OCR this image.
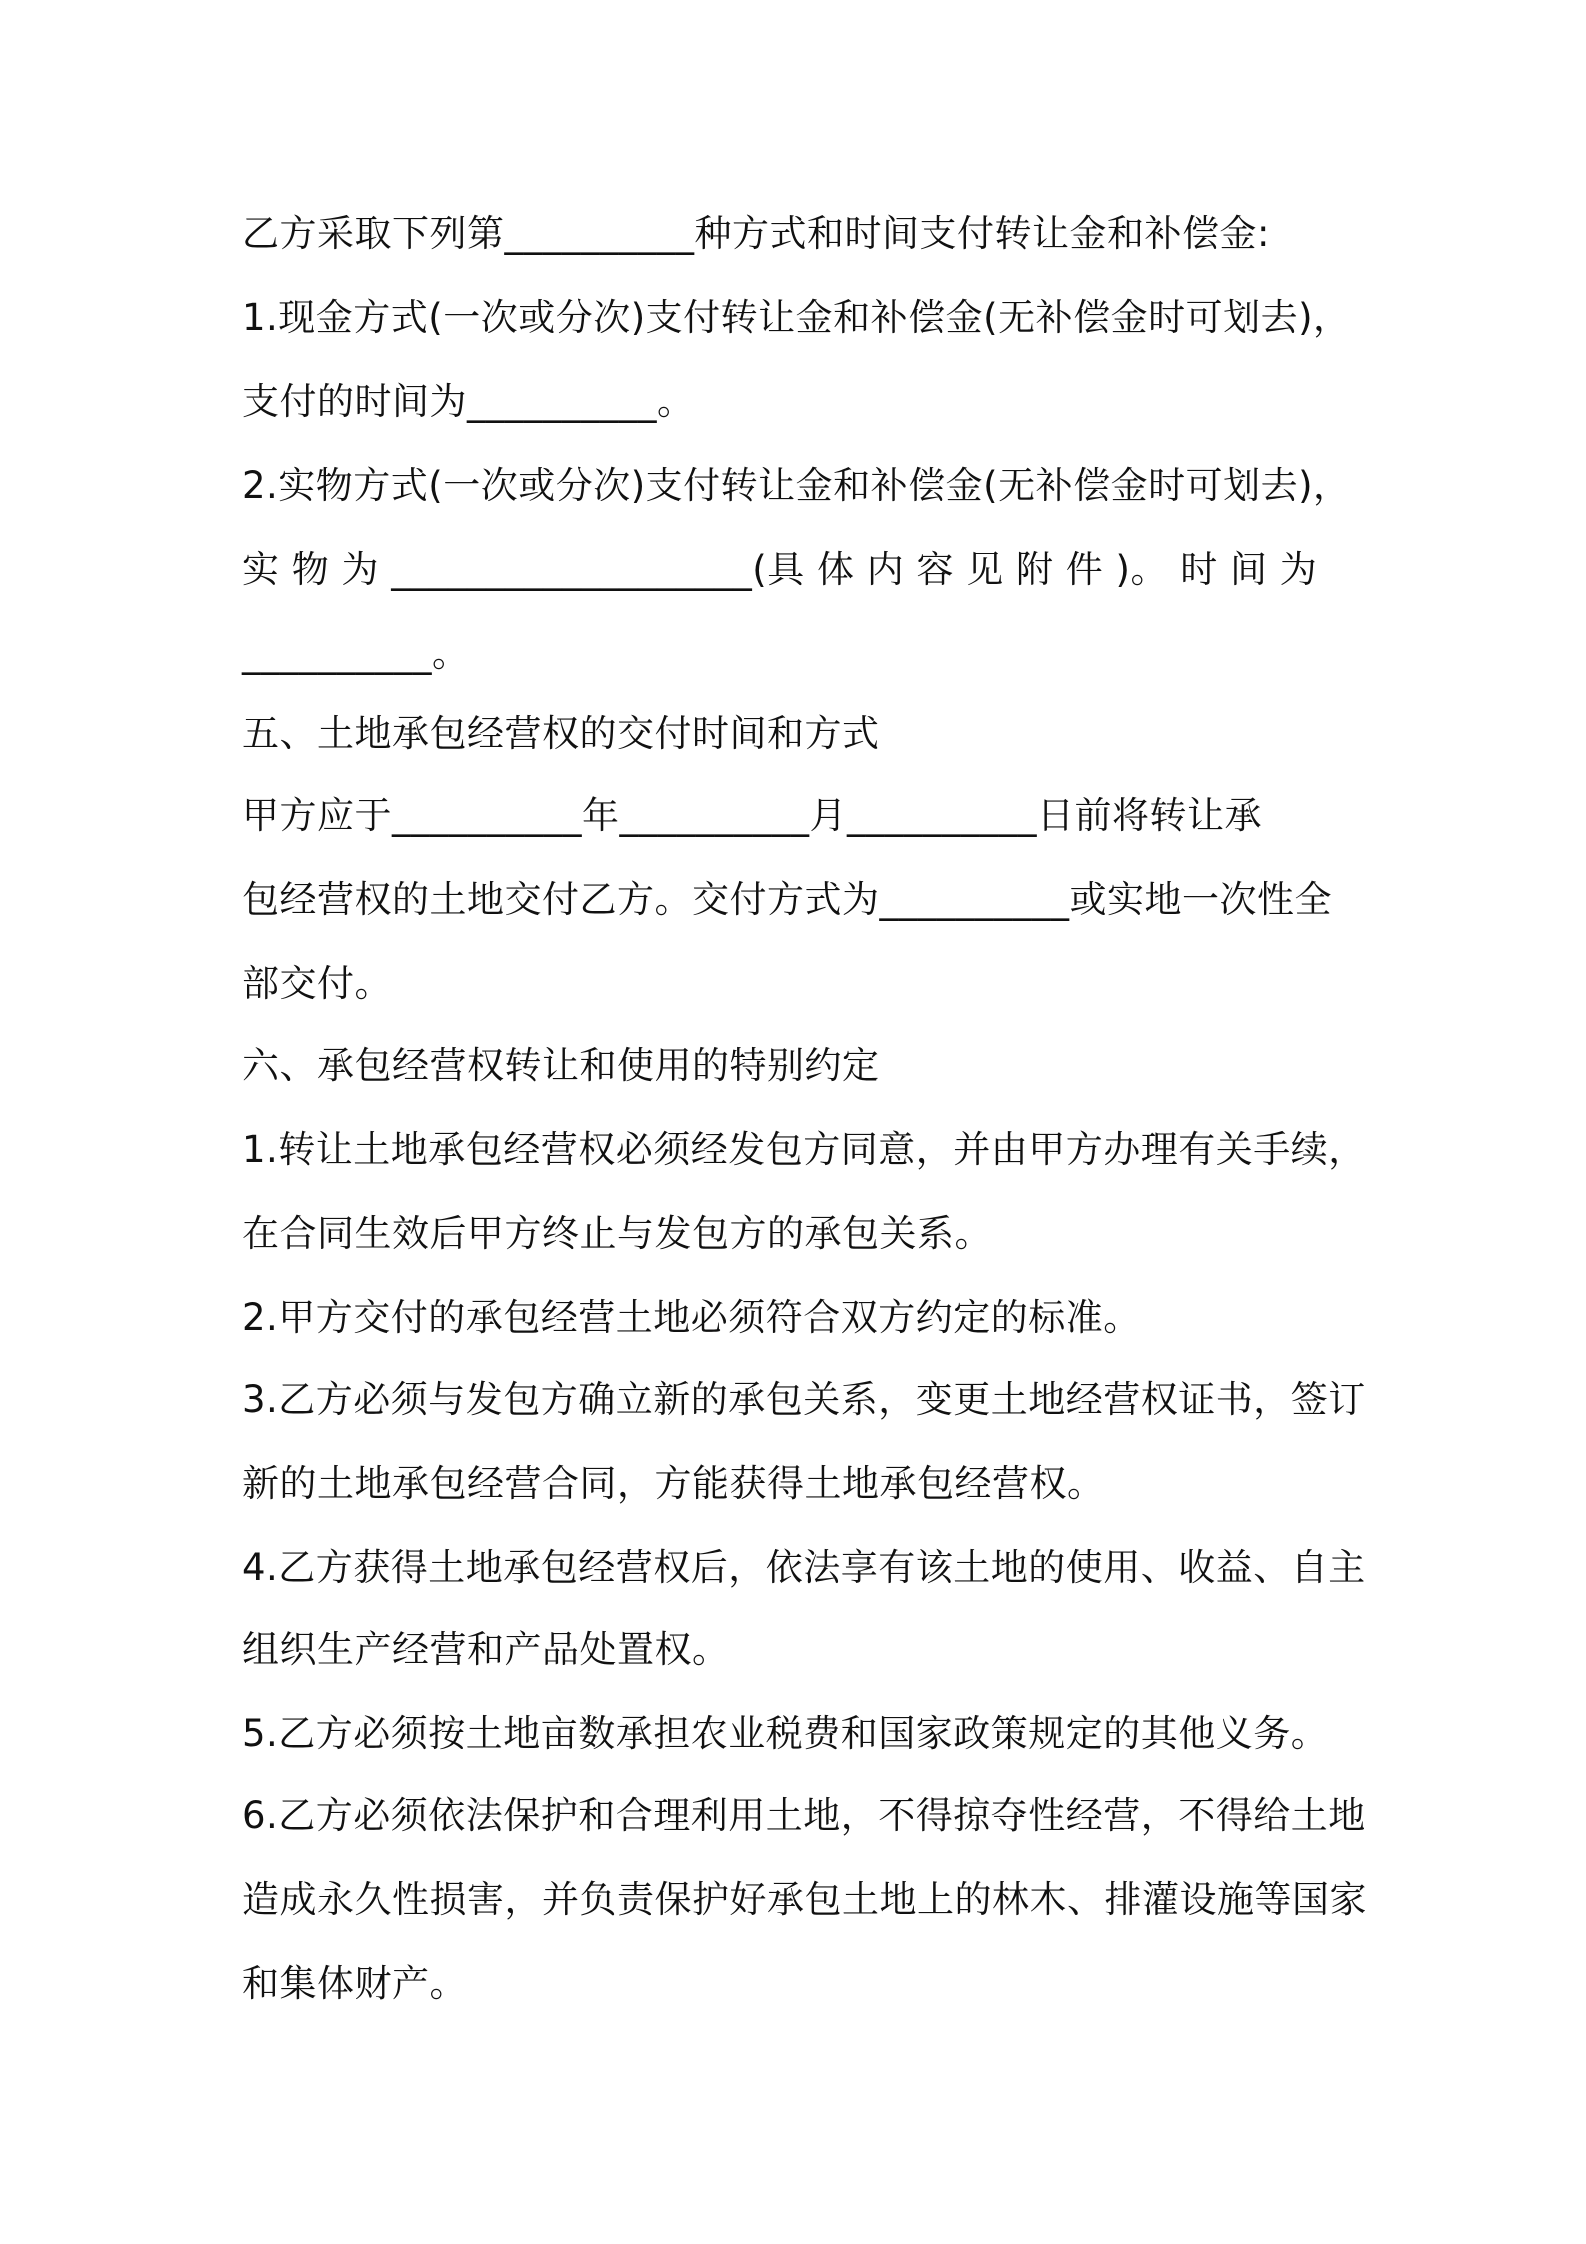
乙方采取下列第__________种方式和时间支付转让金和补偿金:
1.现金方式(一次或分次)支付转让金和补偿金(无补偿金时可划去)，
支付的时间为__________。
2.实物方式(一次或分次)支付转让金和补偿金(无补偿金时可划去)，
实 物 为 ___________________(具 体 内 容 见 附 件 )。 时 间 为
__________。
五、土地承包经营权的交付时间和方式
甲方应于__________年__________月__________日前将转让承
包经营权的土地交付乙方。交付方式为__________或实地一次性全
部交付。
六、承包经营权转让和使用的特别约定
1.转让土地承包经营权必须经发包方同意，并由甲方办理有关手续，
在合同生效后甲方终止与发包方的承包关系。
2.甲方交付的承包经营土地必须符合双方约定的标准。
3.乙方必须与发包方确立新的承包关系，变更土地经营权证书，签订
新的土地承包经营合同，方能获得土地承包经营权。
4.乙方获得土地承包经营权后，依法享有该土地的使用、收益、自主
组织生产经营和产品处置权。
5.乙方必须按土地亩数承担农业税费和国家政策规定的其他义务。
6.乙方必须依法保护和合理利用土地，不得掠夺性经营，不得给土地
造成永久性损害，并负责保护好承包土地上的林木、排灌设施等国家
和集体财产。
